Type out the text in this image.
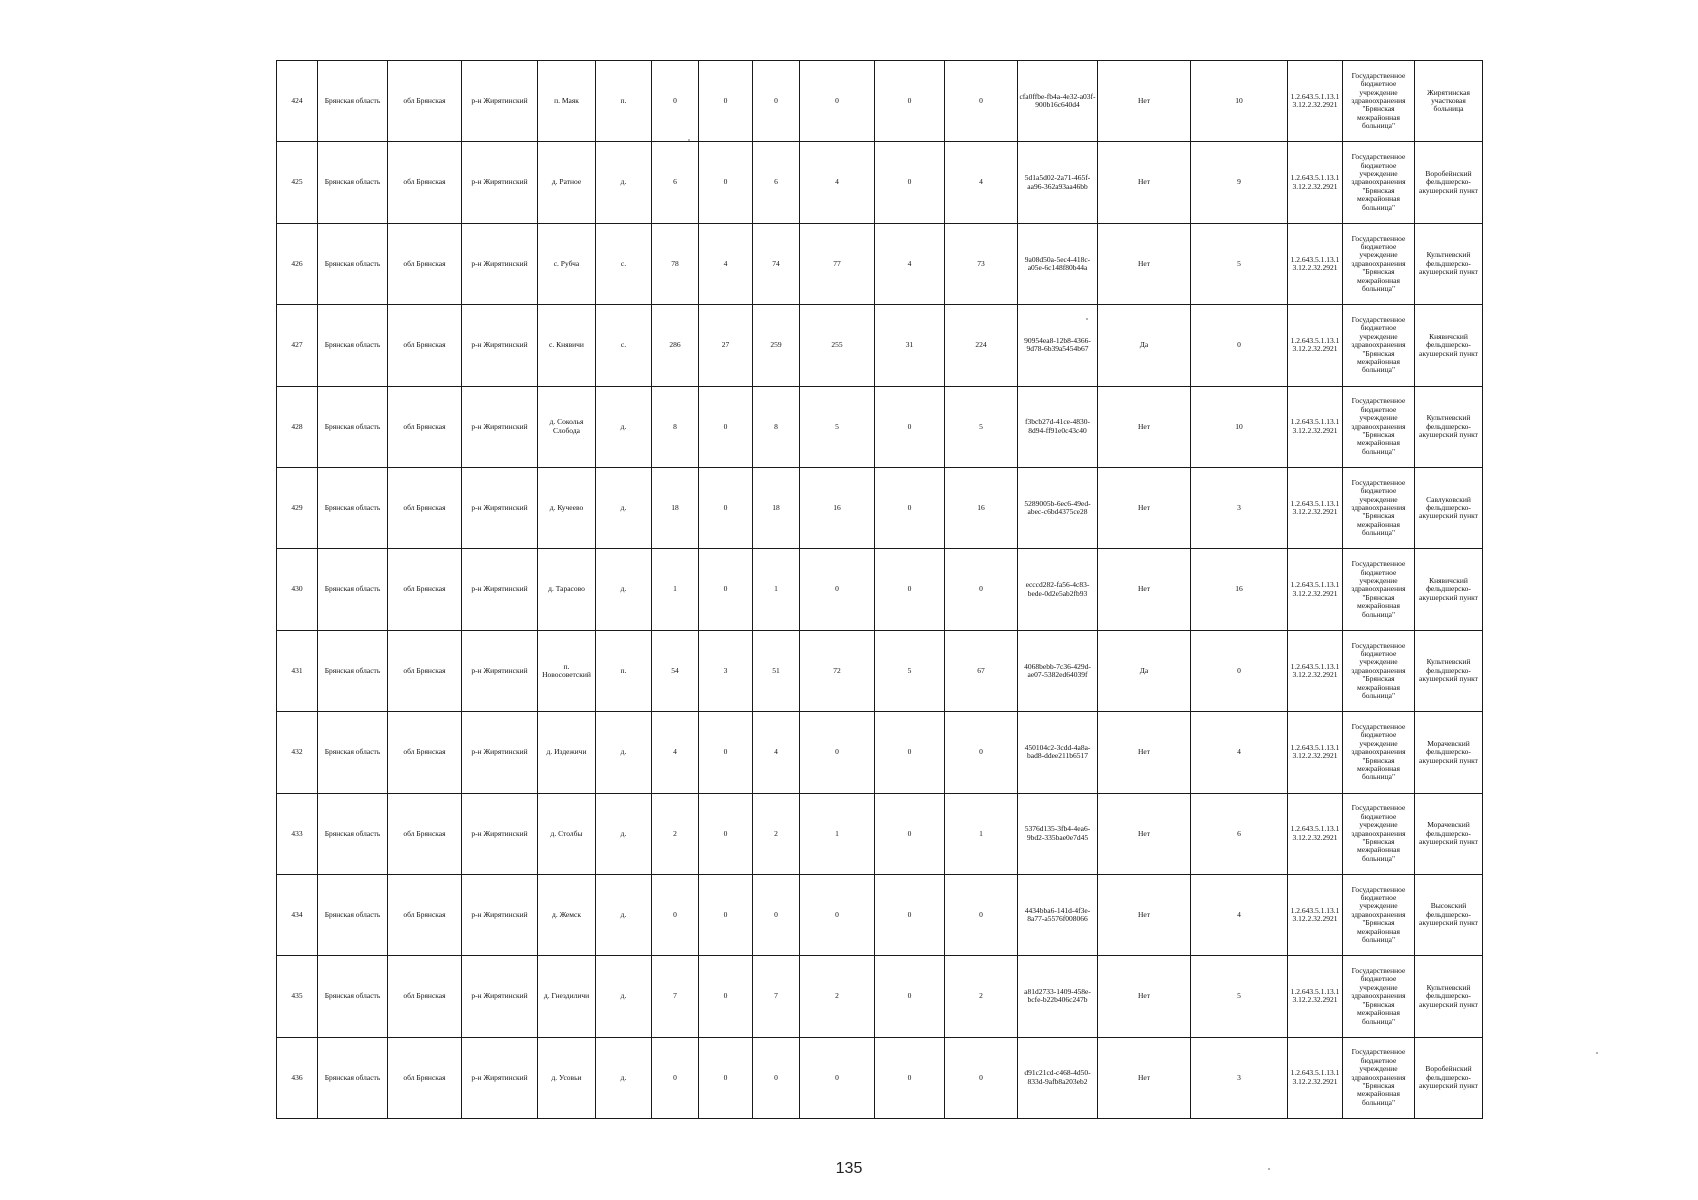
424	Брянская область	обл Брянская	р-н Жирятинский	п. Маяк	п.	0	0	0	0	0	0	cfa0ffbe-fb4a-4e32-a03f-900b16c640d4	Нет	10	1.2.643.5.1.13.13.12.2.32.2921	Государственное бюджетное учреждение здравоохранения "Брянская межрайонная больница"	Жирятинская участковая больница
425	Брянская область	обл Брянская	р-н Жирятинский	д. Ратное	д.	6	0	6	4	0	4	5d1a5d02-2a71-465f-aa96-362a93aa46bb	Нет	9	1.2.643.5.1.13.13.12.2.32.2921	Государственное бюджетное учреждение здравоохранения "Брянская межрайонная больница"	Воробейнский фельдшерско-акушерский пункт
426	Брянская область	обл Брянская	р-н Жирятинский	с. Рубча	с.	78	4	74	77	4	73	9a08d50a-5ec4-418c-a05e-6c148f80b44a	Нет	5	1.2.643.5.1.13.13.12.2.32.2921	Государственное бюджетное учреждение здравоохранения "Брянская межрайонная больница"	Культневский фельдшерско-акушерский пункт
427	Брянская область	обл Брянская	р-н Жирятинский	с. Княвичи	с.	286	27	259	255	31	224	90954ea8-12b8-4366-9d78-6b39a5454b67	Да	0	1.2.643.5.1.13.13.12.2.32.2921	Государственное бюджетное учреждение здравоохранения "Брянская межрайонная больница"	Княвичский фельдшерско-акушерский пункт
428	Брянская область	обл Брянская	р-н Жирятинский	д. Соколья Слобода	д.	8	0	8	5	0	5	f3bcb27d-41ce-4830-8d94-ff91e0c43c40	Нет	10	1.2.643.5.1.13.13.12.2.32.2921	Государственное бюджетное учреждение здравоохранения "Брянская межрайонная больница"	Культневский фельдшерско-акушерский пункт
429	Брянская область	обл Брянская	р-н Жирятинский	д. Кучеево	д.	18	0	18	16	0	16	5289005b-6ec6-49ed-abec-c6bd4375ce28	Нет	3	1.2.643.5.1.13.13.12.2.32.2921	Государственное бюджетное учреждение здравоохранения "Брянская межрайонная больница"	Савлуковский фельдшерско-акушерский пункт
430	Брянская область	обл Брянская	р-н Жирятинский	д. Тарасово	д.	1	0	1	0	0	0	ecccd282-fa56-4c83-bede-0d2e5ab2fb93	Нет	16	1.2.643.5.1.13.13.12.2.32.2921	Государственное бюджетное учреждение здравоохранения "Брянская межрайонная больница"	Княвичский фельдшерско-акушерский пункт
431	Брянская область	обл Брянская	р-н Жирятинский	п. Новосоветский	п.	54	3	51	72	5	67	4068bebb-7c36-429d-ae07-5382ed64039f	Да	0	1.2.643.5.1.13.13.12.2.32.2921	Государственное бюджетное учреждение здравоохранения "Брянская межрайонная больница"	Культневский фельдшерско-акушерский пункт
432	Брянская область	обл Брянская	р-н Жирятинский	д. Издежичи	д.	4	0	4	0	0	0	450104c2-3cdd-4a8a-bad8-ddee211b6517	Нет	4	1.2.643.5.1.13.13.12.2.32.2921	Государственное бюджетное учреждение здравоохранения "Брянская межрайонная больница"	Морачевский фельдшерско-акушерский пункт
433	Брянская область	обл Брянская	р-н Жирятинский	д. Столбы	д.	2	0	2	1	0	1	5376d135-3fb4-4ea6-9bd2-335bae0e7d45	Нет	6	1.2.643.5.1.13.13.12.2.32.2921	Государственное бюджетное учреждение здравоохранения "Брянская межрайонная больница"	Морачевский фельдшерско-акушерский пункт
434	Брянская область	обл Брянская	р-н Жирятинский	д. Жемск	д.	0	0	0	0	0	0	4434bba6-141d-4f3e-8a77-a5576f008066	Нет	4	1.2.643.5.1.13.13.12.2.32.2921	Государственное бюджетное учреждение здравоохранения "Брянская межрайонная больница"	Высокский фельдшерско-акушерский пункт
435	Брянская область	обл Брянская	р-н Жирятинский	д. Гнездиличи	д.	7	0	7	2	0	2	a81d2733-1409-458e-bcfe-b22b406c247b	Нет	5	1.2.643.5.1.13.13.12.2.32.2921	Государственное бюджетное учреждение здравоохранения "Брянская межрайонная больница"	Культневский фельдшерско-акушерский пункт
436	Брянская область	обл Брянская	р-н Жирятинский	д. Усовьи	д.	0	0	0	0	0	0	d91c21cd-c468-4d50-833d-9afb8a203eb2	Нет	3	1.2.643.5.1.13.13.12.2.32.2921	Государственное бюджетное учреждение здравоохранения "Брянская межрайонная больница"	Воробейнский фельдшерско-акушерский пункт
135
